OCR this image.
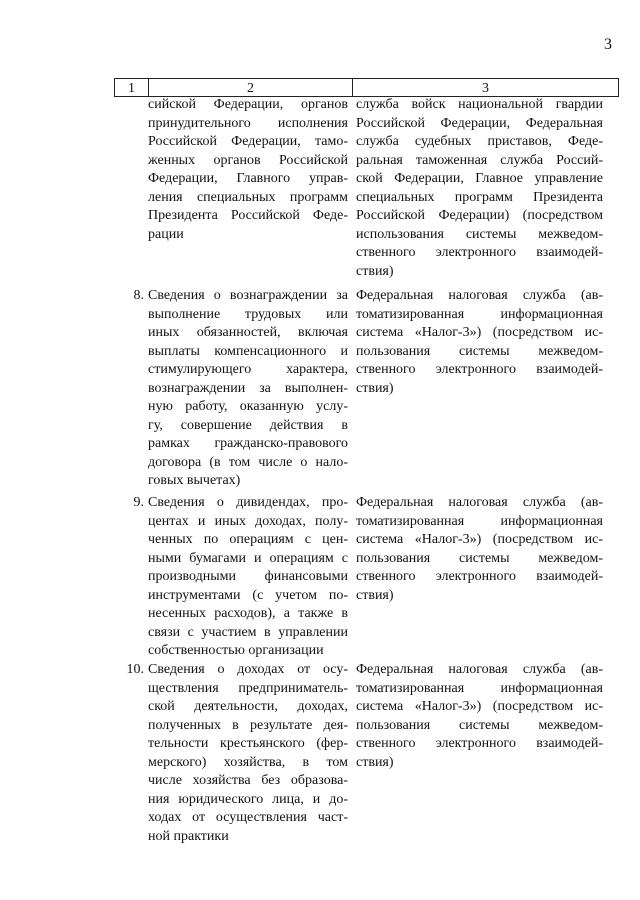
3
1	2	3
сийской Федерации, органов
принудительного исполнения
Российской Федерации, тамо-
женных органов Российской
Федерации, Главного управ-
ления специальных программ
Президента Российской Феде-
рации
служба войск национальной гвардии
Российской Федерации, Федеральная
служба судебных приставов, Феде-
ральная таможенная служба Россий-
ской Федерации, Главное управление
специальных программ Президента
Российской Федерации) (посредством
использования системы межведом-
ственного электронного взаимодей-
ствия)
8. Сведения о вознаграждении за
выполнение трудовых или
иных обязанностей, включая
выплаты компенсационного и
стимулирующего характера,
вознаграждении за выполнен-
ную работу, оказанную услу-
гу, совершение действия в
рамках гражданско-правового
договора (в том числе о нало-
говых вычетах)
Федеральная налоговая служба (ав-
томатизированная информационная
система «Налог-3») (посредством ис-
пользования системы межведом-
ственного электронного взаимодей-
ствия)
9. Сведения о дивидендах, про-
центах и иных доходах, полу-
ченных по операциям с цен-
ными бумагами и операциям с
производными финансовыми
инструментами (с учетом по-
несенных расходов), а также в
связи с участием в управлении
собственностью организации
Федеральная налоговая служба (ав-
томатизированная информационная
система «Налог-3») (посредством ис-
пользования системы межведом-
ственного электронного взаимодей-
ствия)
10. Сведения о доходах от осу-
ществления предприниматель-
ской деятельности, доходах,
полученных в результате дея-
тельности крестьянского (фер-
мерского) хозяйства, в том
числе хозяйства без образова-
ния юридического лица, и до-
ходах от осуществления част-
ной практики
Федеральная налоговая служба (ав-
томатизированная информационная
система «Налог-3») (посредством ис-
пользования системы межведом-
ственного электронного взаимодей-
ствия)
